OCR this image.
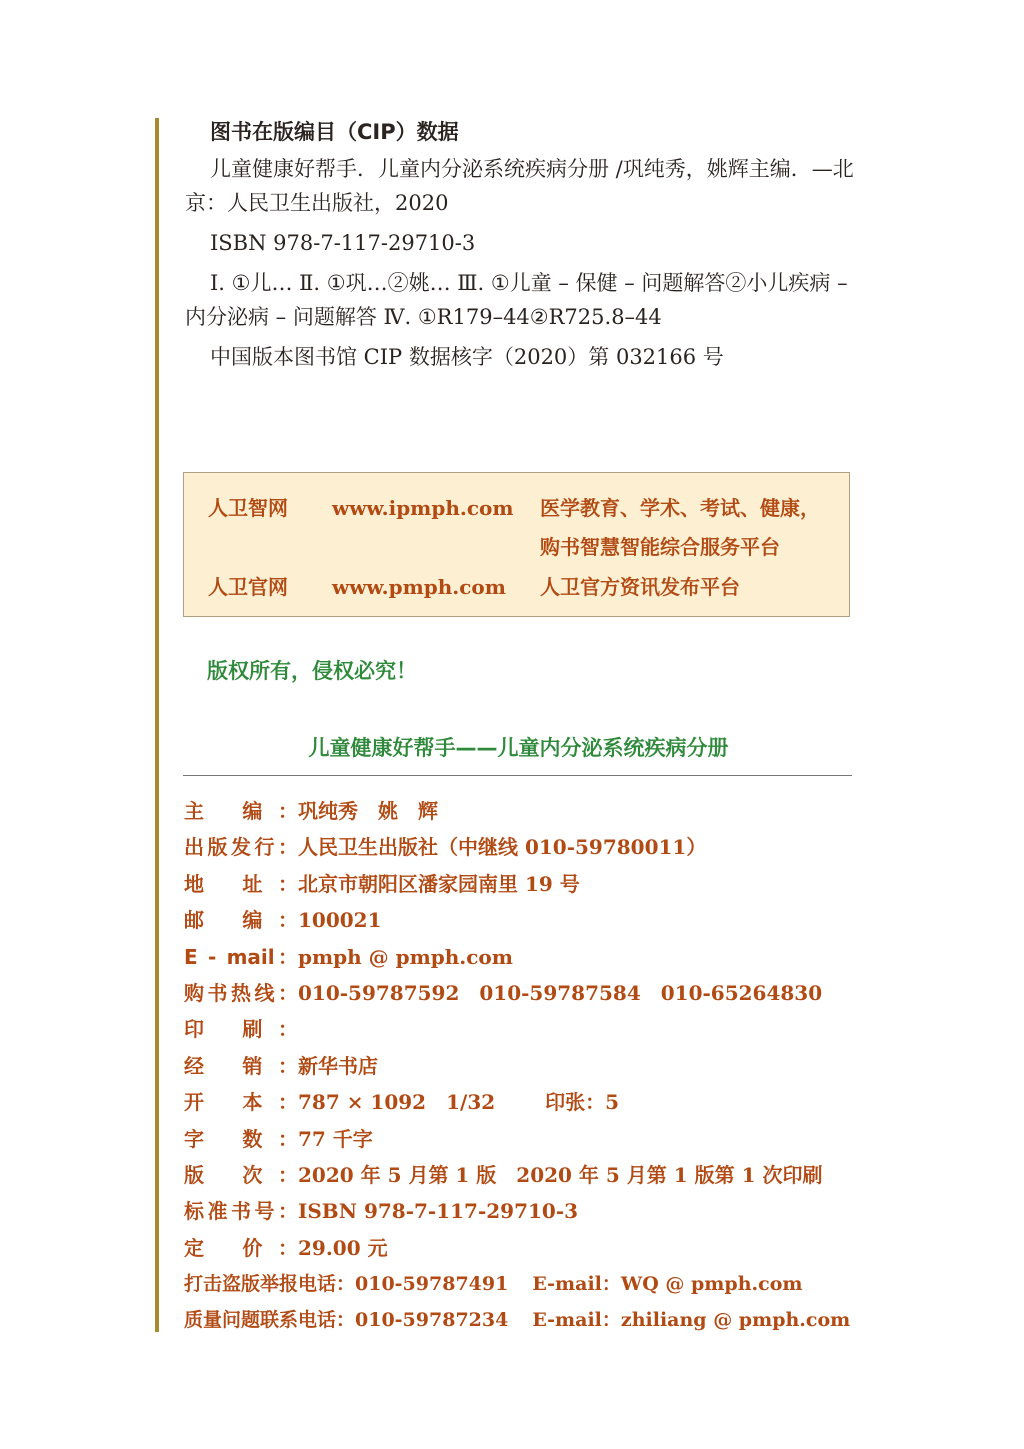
图书在版编目（CIP）数据

儿童健康好帮手．儿童内分泌系统疾病分册 /巩纯秀，姚辉主编．—北京：人民卫生出版社，2020

ISBN 978-7-117-29710-3

Ⅰ. ①儿… Ⅱ. ①巩…②姚… Ⅲ. ①儿童 – 保健 – 问题解答②小儿疾病 – 内分泌病 – 问题解答 Ⅳ. ①R179–44②R725.8–44

中国版本图书馆 CIP 数据核字（2020）第 032166 号

人卫智网 www.ipmph.com 医学教育、学术、考试、健康，
购书智慧智能综合服务平台
人卫官网 www.pmph.com 人卫官方资讯发布平台
版权所有，侵权必究！
儿童健康好帮手——儿童内分泌系统疾病分册
主 编：巩纯秀　姚　辉
出版发行：人民卫生出版社（中继线 010-59780011）
地 址：北京市朝阳区潘家园南里 19 号
邮 编：100021
E - mail：pmph @ pmph.com
购书热线：010-59787592　010-59787584　010-65264830
印 刷：
经 销：新华书店
开 本：787 × 1092　1/32	印张：5
字 数：77 千字
版 次：2020 年 5 月第 1 版　2020 年 5 月第 1 版第 1 次印刷
标准书号：ISBN 978-7-117-29710-3
定 价：29.00 元
打击盗版举报电话：010-59787491 E-mail：WQ @ pmph.com
质量问题联系电话：010-59787234 E-mail：zhiliang @ pmph.com
